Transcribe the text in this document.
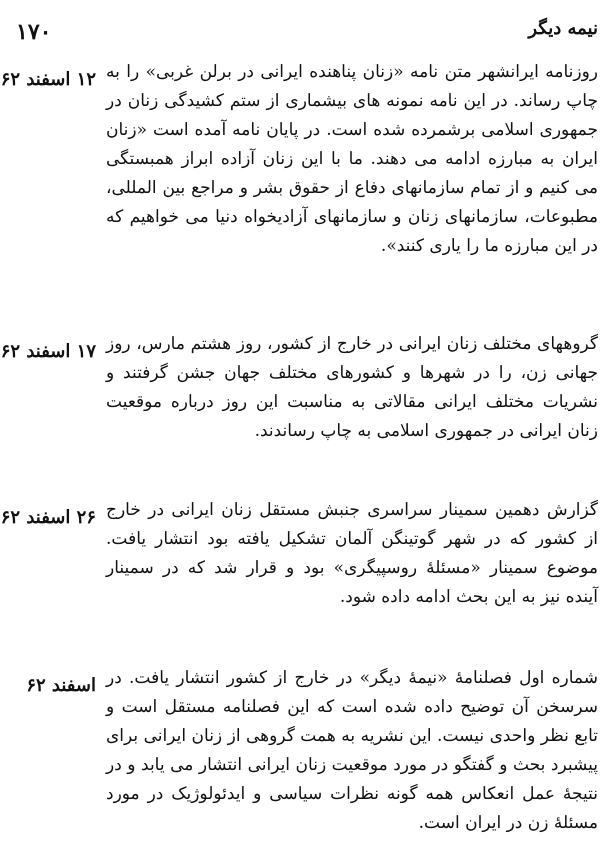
نیمه دیگر
۱۷۰
روزنامه ایرانشهر متن نامه «زنان پناهنده ایرانی در برلن غربی» را به چاپ رساند. در این نامه نمونه های بیشماری از ستم کشیدگی زنان در جمهوری اسلامی برشمرده شده است. در پایان نامه آمده است «زنان ایران به مبارزه ادامه می دهند. ما با این زنان آزاده ابراز همبستگی می کنیم و از تمام سازمانهای دفاع از حقوق بشر و مراجع بین المللی، مطبوعات، سازمانهای زنان و سازمانهای آزادیخواه دنیا می خواهیم که در این مبارزه ما را یاری کنند».
۱۲ اسفند ۶۲
گروههای مختلف زنان ایرانی در خارج از کشور، روز هشتم مارس، روز جهانی زن، را در شهرها و کشورهای مختلف جهان جشن گرفتند و نشریات مختلف ایرانی مقالاتی به مناسبت این روز درباره موقعیت زنان ایرانی در جمهوری اسلامی به چاپ رساندند.
۱۷ اسفند ۶۲
گزارش دهمین سمینار سراسری جنبش مستقل زنان ایرانی در خارج از کشور که در شهر گوتینگن آلمان تشکیل یافته بود انتشار یافت. موضوع سمینار «مسئلهٔ روسپیگری» بود و قرار شد که در سمینار آینده نیز به این بحث ادامه داده شود.
۲۶ اسفند ۶۲
شماره اول فصلنامهٔ «نیمهٔ دیگر» در خارج از کشور انتشار یافت. در سرسخن آن توضیح داده شده است که این فصلنامه مستقل است و تابع نظر واحدی نیست. این نشریه به همت گروهی از زنان ایرانی برای پیشبرد بحث و گفتگو در مورد موقعیت زنان ایرانی انتشار می یابد و در نتیجهٔ عمل انعکاس همه گونه نظرات سیاسی و ایدئولوژیک در مورد مسئلهٔ زن در ایران است.
اسفند ۶۲
